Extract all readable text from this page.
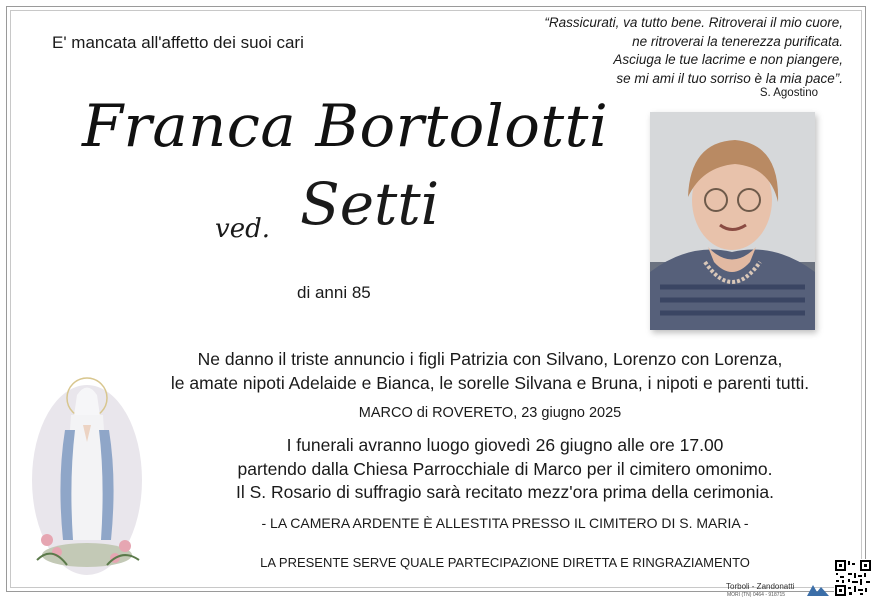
E' mancata all'affetto dei suoi cari
“Rassicurati, va tutto bene. Ritroverai il mio cuore,
ne ritroverai la tenerezza purificata.
Asciuga le tue lacrime e non piangere,
se mi ami il tuo sorriso è la mia pace”.
S. Agostino
Franca Bortolotti
ved. Setti
di anni 85
Ne danno il triste annuncio i figli Patrizia con Silvano, Lorenzo con Lorenza,
le amate nipoti Adelaide e Bianca, le sorelle Silvana e Bruna, i nipoti e parenti tutti.
MARCO di ROVERETO, 23 giugno 2025
I funerali avranno luogo giovedì 26 giugno alle ore 17.00
partendo dalla Chiesa Parrocchiale di Marco per il cimitero omonimo.
Il S. Rosario di suffragio sarà recitato mezz'ora prima della cerimonia.
- LA CAMERA ARDENTE È ALLESTITA PRESSO IL CIMITERO DI S. MARIA -
LA PRESENTE SERVE QUALE PARTECIPAZIONE DIRETTA E RINGRAZIAMENTO
Torboli - Zandonatti
MORI (TN) 0464 - 918715
